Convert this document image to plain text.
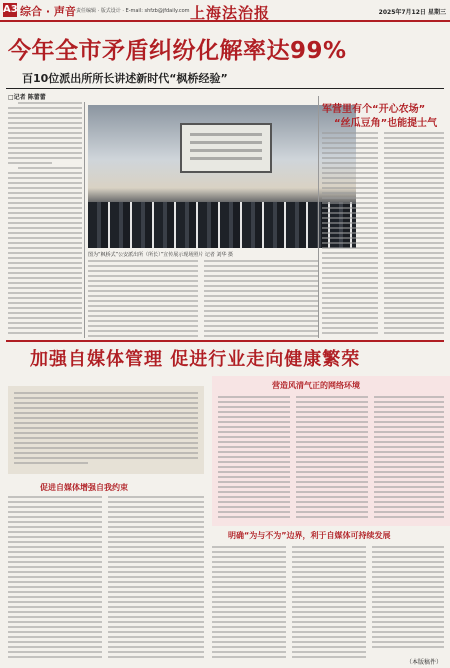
A3 综合 · 声音 责任编辑 · 版式设计 · E-mail: shfzb@jfdaily.com 上海法治报	2025年7月12日 星期三
今年全市矛盾纠纷化解率达99%
百10位派出所所长讲述新时代“枫桥经验”
□记者 陈蕾蕾
图为“枫桥式”公安派出所（所长）”宣传展示现场照片 记者 刘华 摄
军营里有个“开心农场”
“丝瓜豆角”也能提士气
加强自媒体管理 促进行业走向健康繁荣
营造风清气正的网络环境
促进自媒体增强自我约束
明确“为与不为”边界，利于自媒体可持续发展
（本版稿件）
